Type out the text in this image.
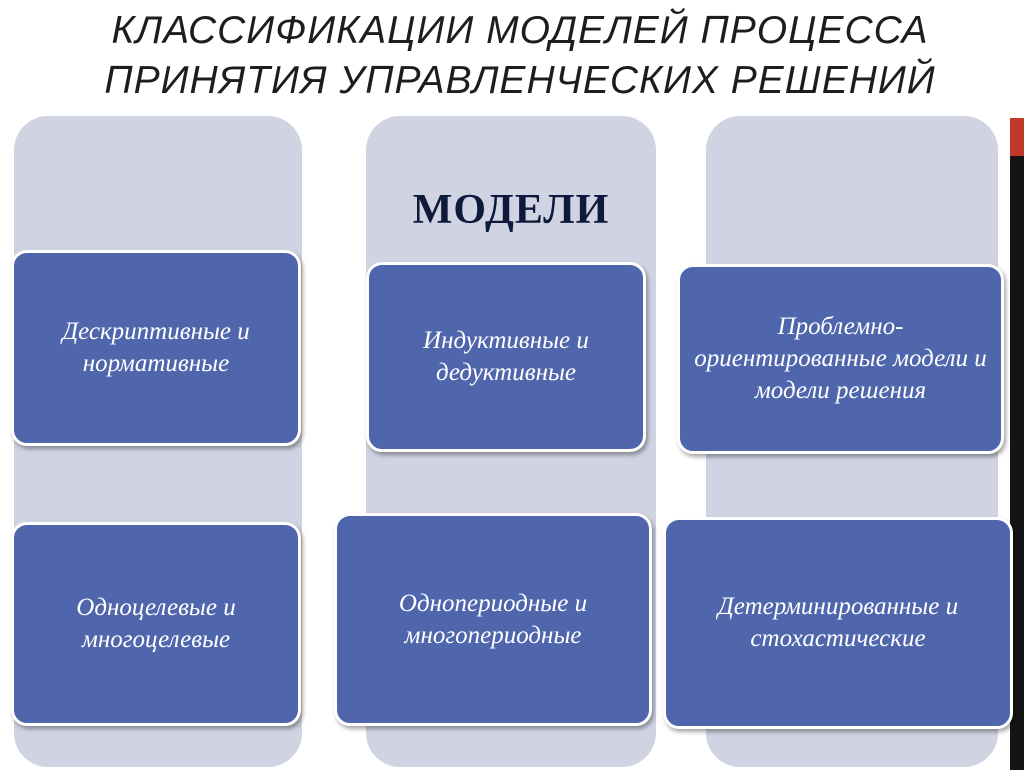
КЛАССИФИКАЦИИ МОДЕЛЕЙ ПРОЦЕССА
ПРИНЯТИЯ УПРАВЛЕНЧЕСКИХ РЕШЕНИЙ
МОДЕЛИ
Дескриптивные и нормативные
Индуктивные и дедуктивные
Проблемно-ориентированные модели и модели решения
Одноцелевые и многоцелевые
Однопериодные и многопериодные
Детерминированные и стохастические
